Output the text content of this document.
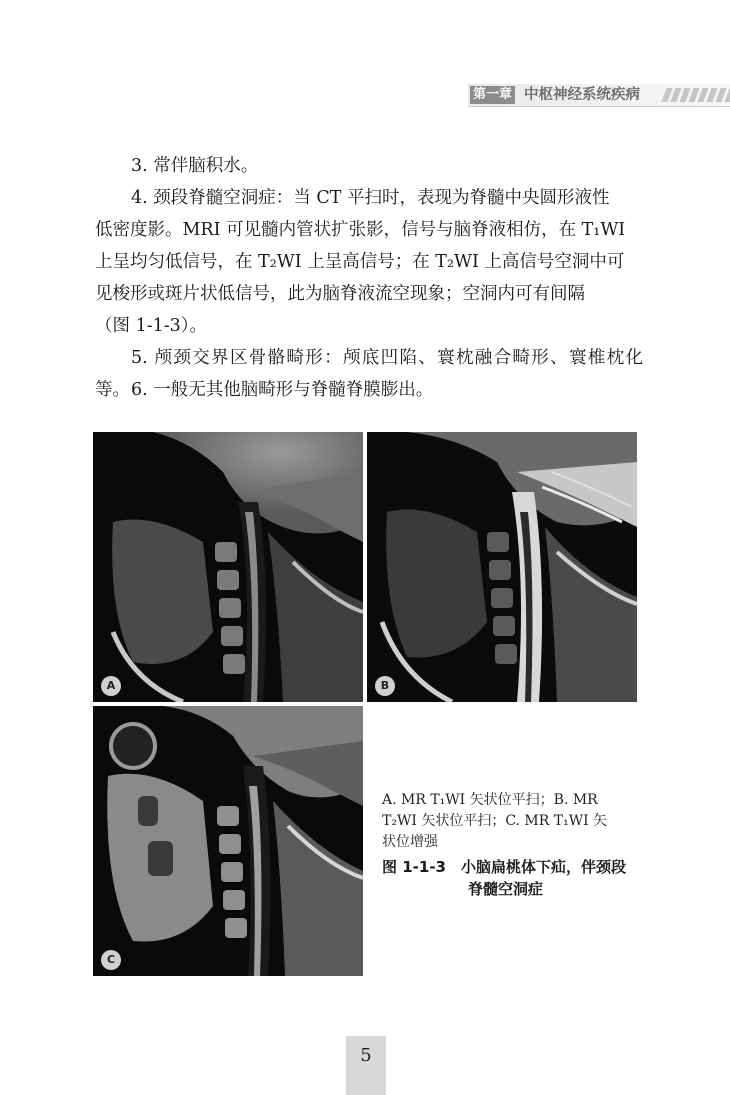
第一章 中枢神经系统疾病

3. 常伴脑积水。

4. 颈段脊髓空洞症：当 CT 平扫时，表现为脊髓中央圆形液性
低密度影。MRI 可见髓内管状扩张影，信号与脑脊液相仿，在 T₁WI
上呈均匀低信号，在 T₂WI 上呈高信号；在 T₂WI 上高信号空洞中可
见梭形或斑片状低信号，此为脑脊液流空现象；空洞内可有间隔
（图 1-1-3）。

5. 颅颈交界区骨骼畸形：颅底凹陷、寰枕融合畸形、寰椎枕化等。 6. 一般无其他脑畸形与脊髓脊膜膨出。

A	B
C
A. MR T₁WI 矢状位平扫；B. MR
T₂WI 矢状位平扫；C. MR T₁WI 矢
状位增强
图 1-1-3　小脑扁桃体下疝，伴颈段
脊髓空洞症
5
